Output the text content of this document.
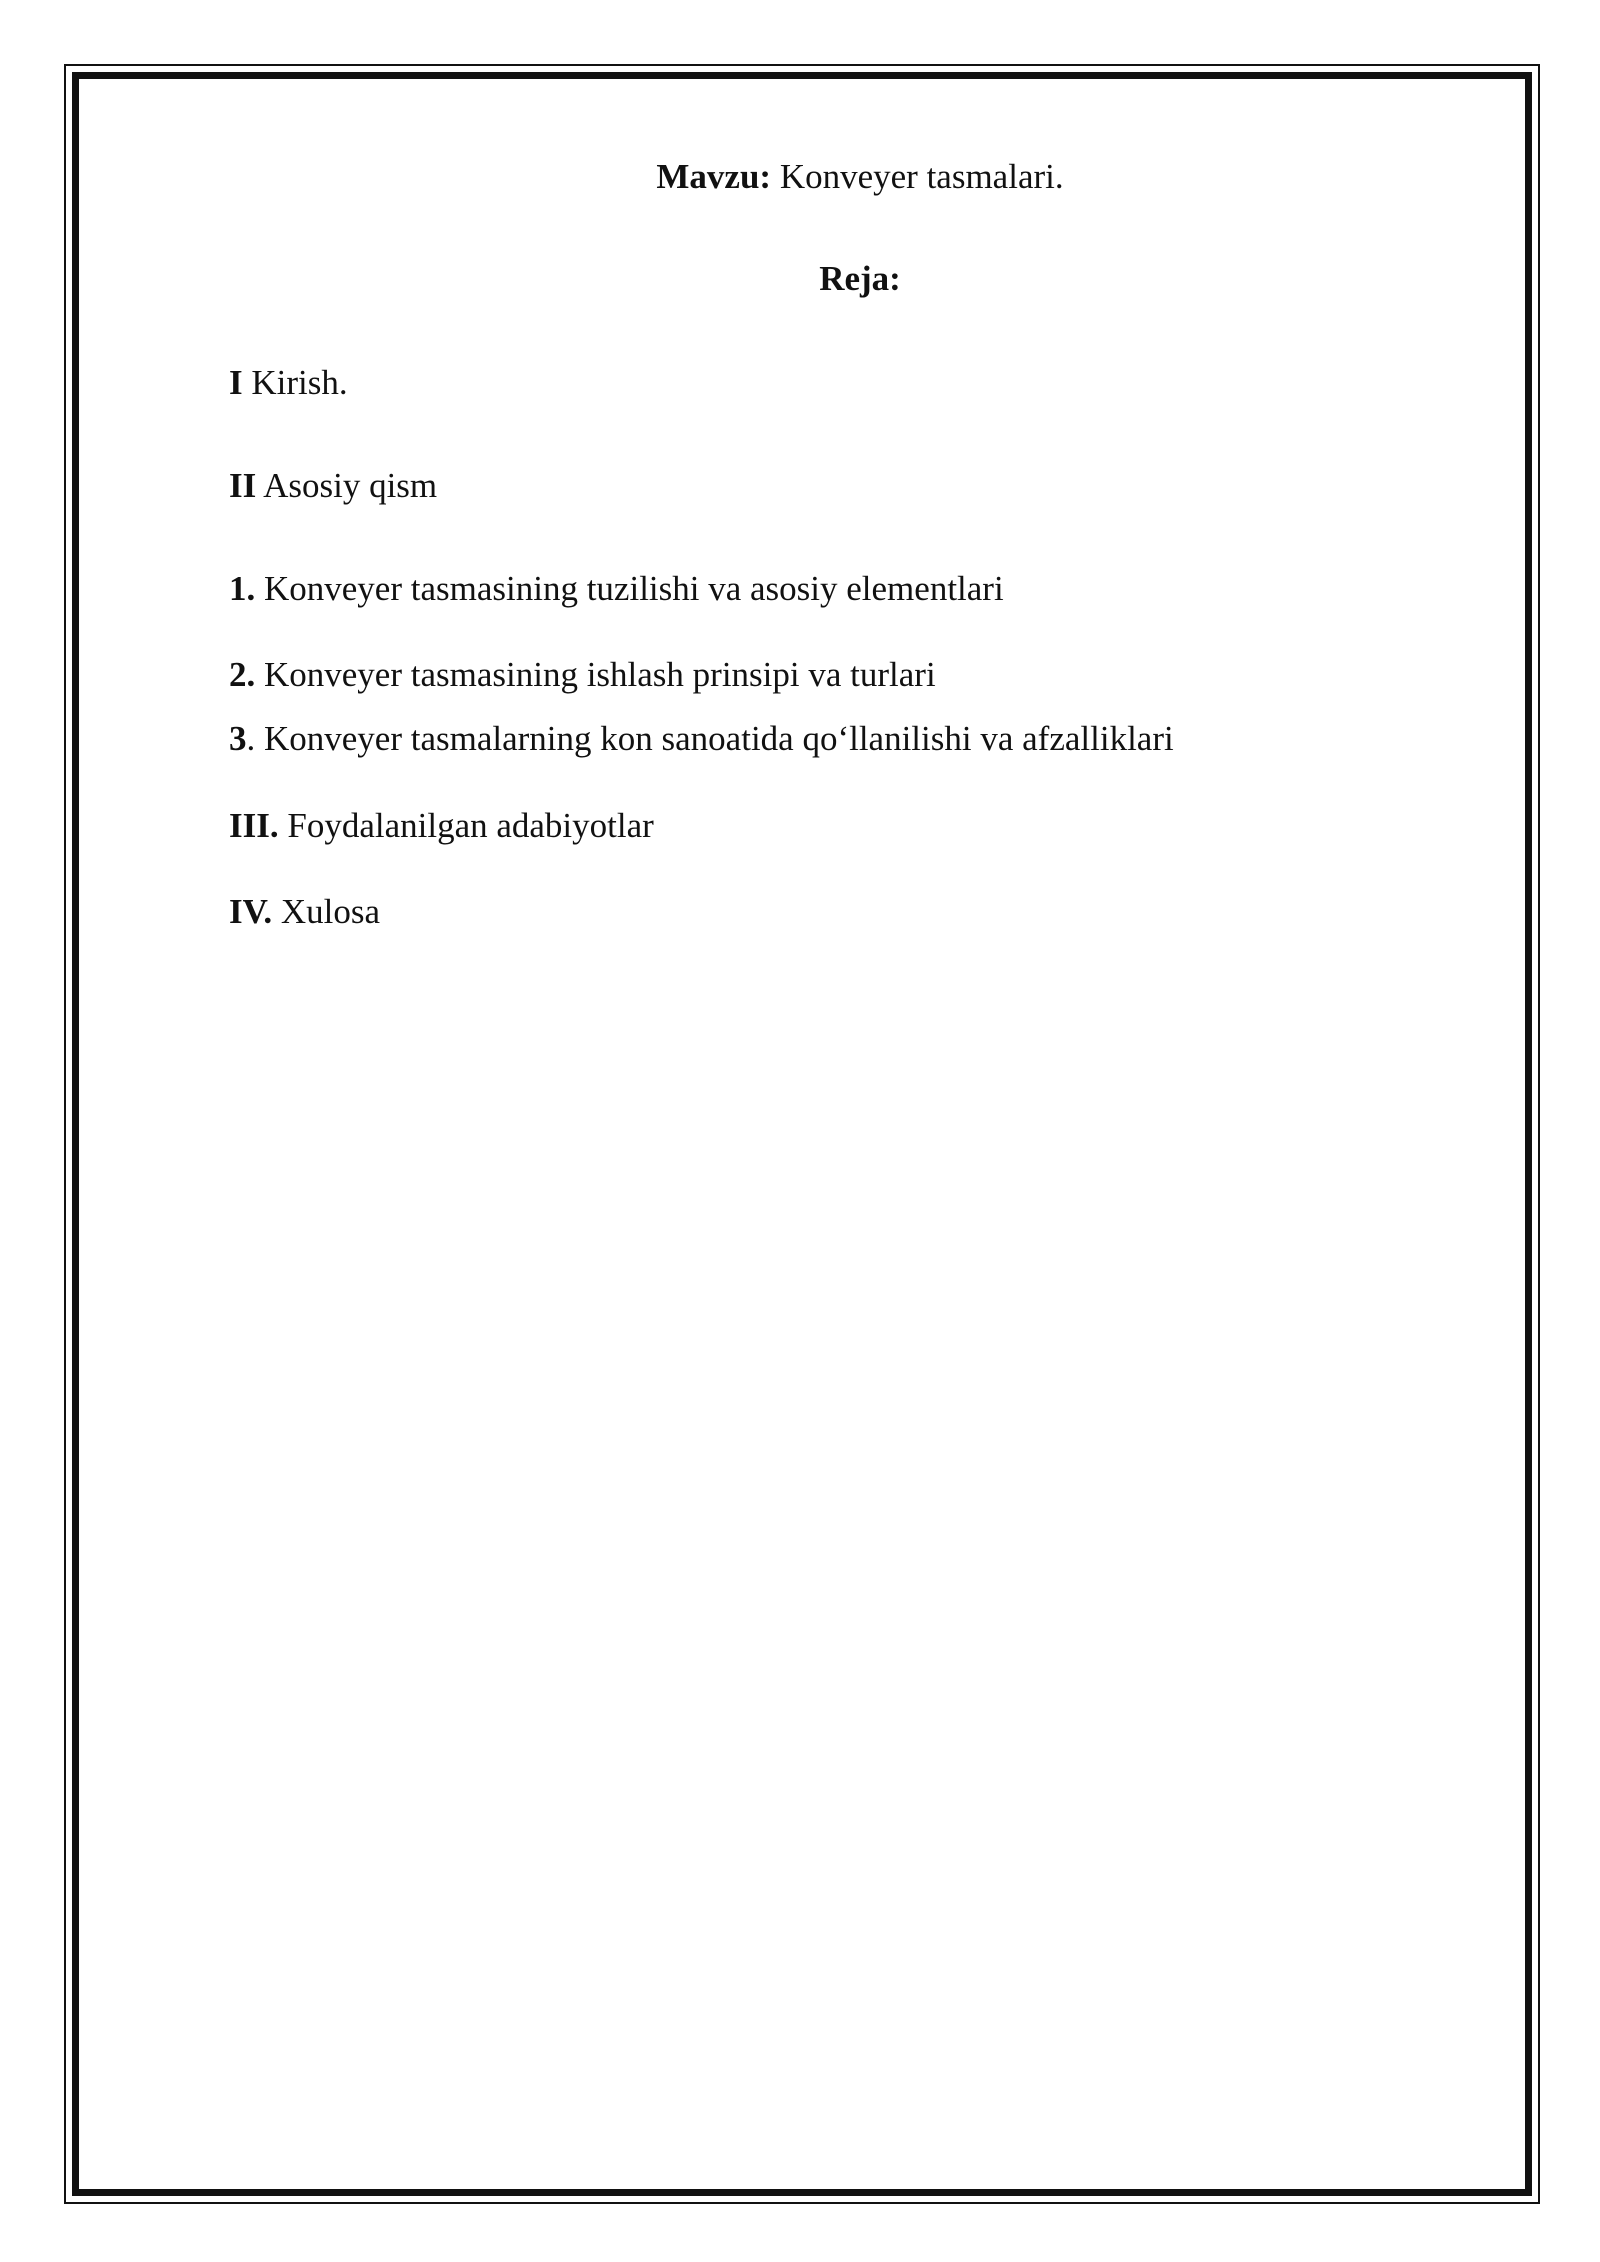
Mavzu: Konveyer tasmalari.
Reja:
I Kirish.
II Asosiy qism
1. Konveyer tasmasining tuzilishi va asosiy elementlari
2. Konveyer tasmasining ishlash prinsipi va turlari
3. Konveyer tasmalarning kon sanoatida qo‘llanilishi va afzalliklari
III. Foydalanilgan adabiyotlar
IV. Xulosa
